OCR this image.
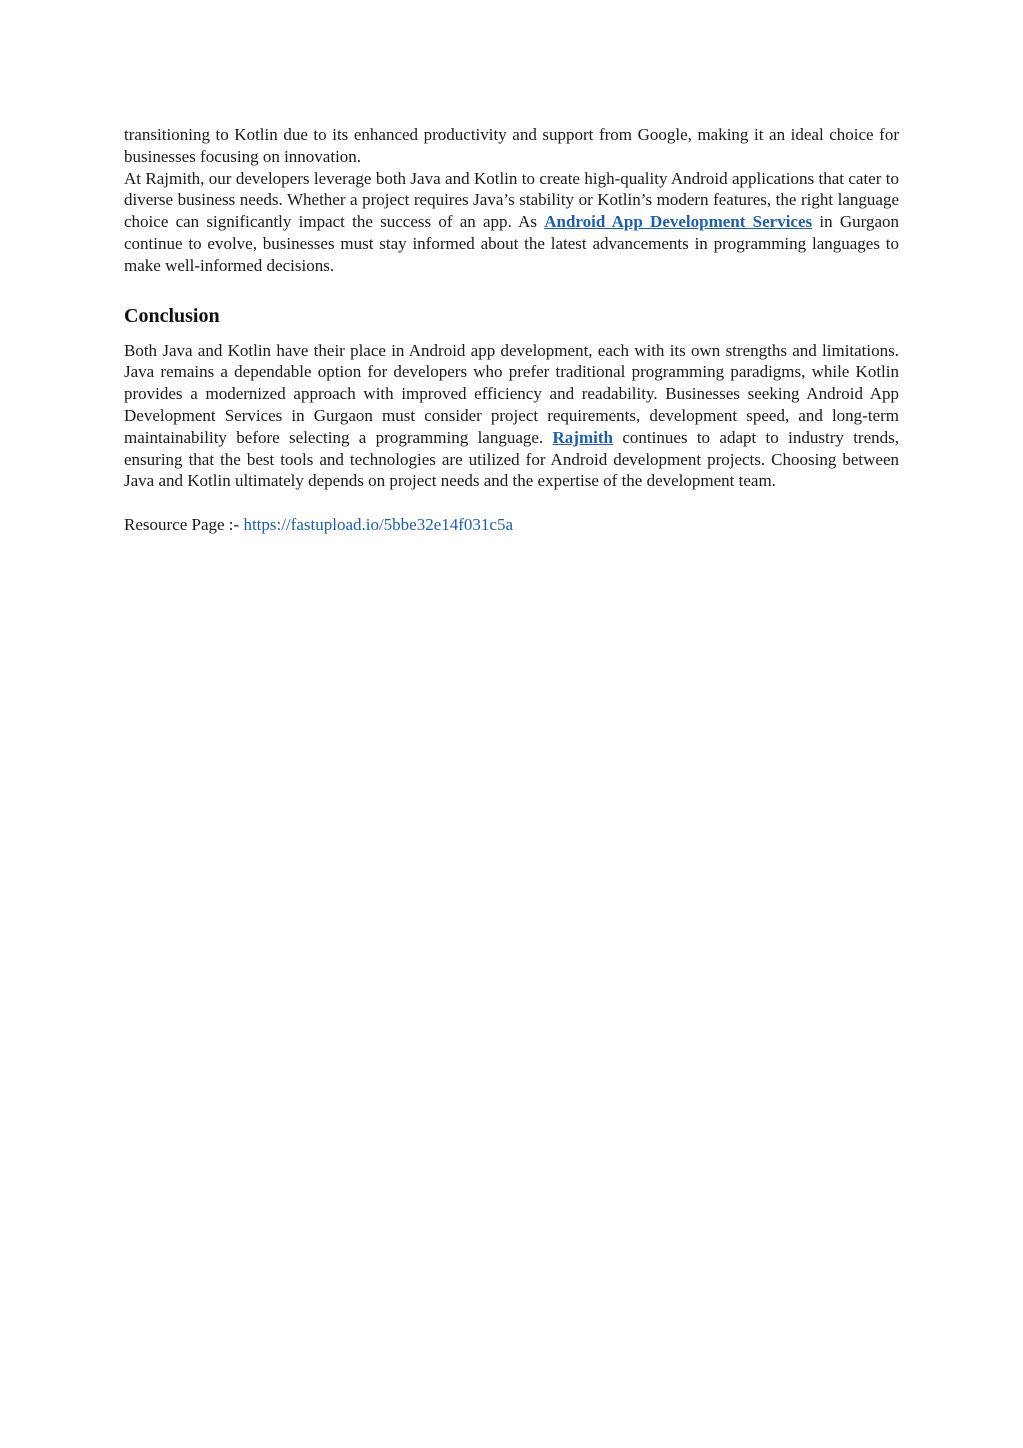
transitioning to Kotlin due to its enhanced productivity and support from Google, making it an ideal choice for businesses focusing on innovation.

At Rajmith, our developers leverage both Java and Kotlin to create high-quality Android applications that cater to diverse business needs. Whether a project requires Java’s stability or Kotlin’s modern features, the right language choice can significantly impact the success of an app. As Android App Development Services in Gurgaon continue to evolve, businesses must stay informed about the latest advancements in programming languages to make well-informed decisions.

Conclusion

Both Java and Kotlin have their place in Android app development, each with its own strengths and limitations. Java remains a dependable option for developers who prefer traditional programming paradigms, while Kotlin provides a modernized approach with improved efficiency and readability. Businesses seeking Android App Development Services in Gurgaon must consider project requirements, development speed, and long-term maintainability before selecting a programming language. Rajmith continues to adapt to industry trends, ensuring that the best tools and technologies are utilized for Android development projects. Choosing between Java and Kotlin ultimately depends on project needs and the expertise of the development team.

Resource Page :- https://fastupload.io/5bbe32e14f031c5a
